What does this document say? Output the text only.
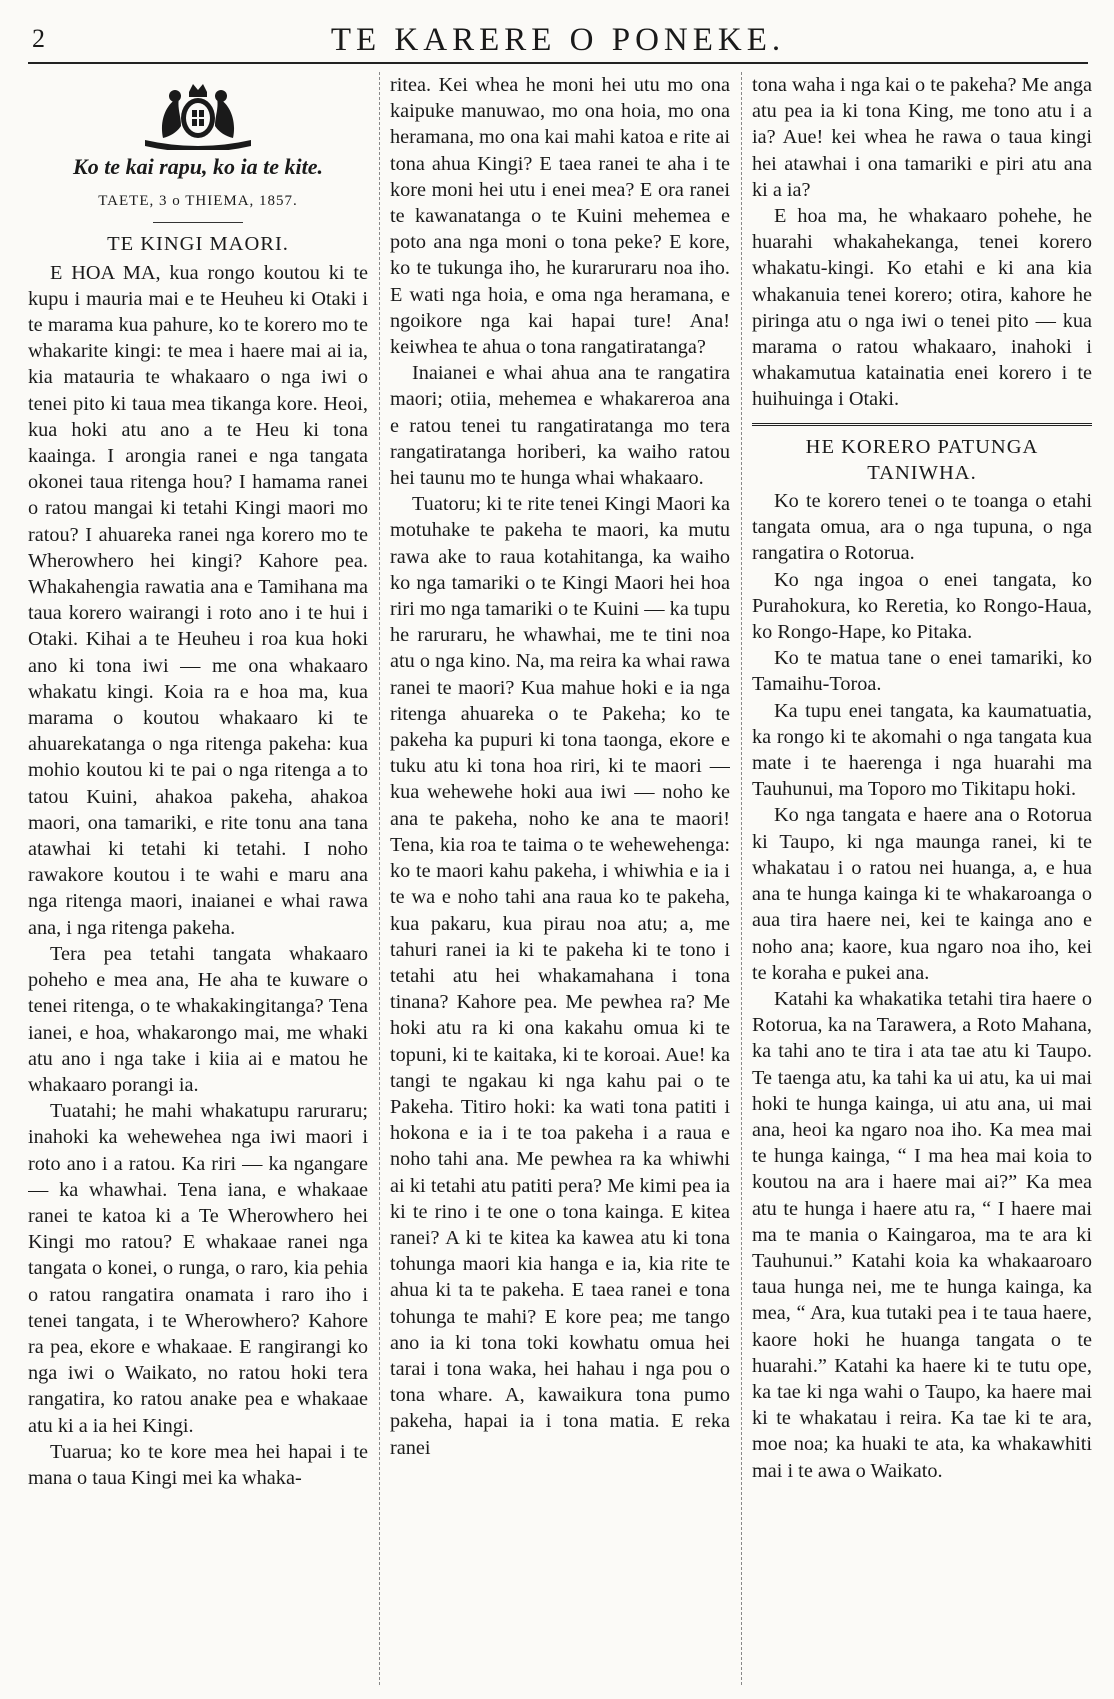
2	TE KARERE O PONEKE.
Ko te kai rapu, ko ia te kite.
TAETE, 3 o THIEMA, 1857.
TE KINGI MAORI.

E HOA MA, kua rongo koutou ki te kupu i mauria mai e te Heuheu ki Otaki i te marama kua pahure, ko te korero mo te whakarite kingi: te mea i haere mai ai ia, kia matauria te whakaaro o nga iwi o tenei pito ki taua mea tikanga kore. Heoi, kua hoki atu ano a te Heu ki tona kaainga. I arongia ranei e nga tangata okonei taua ritenga hou? I hamama ranei o ratou mangai ki tetahi Kingi maori mo ratou? I ahuareka ranei nga korero mo te Wherowhero hei kingi? Kahore pea. Whakahengia rawatia ana e Tamihana ma taua korero wairangi i roto ano i te hui i Otaki. Kihai a te Heuheu i roa kua hoki ano ki tona iwi — me ona whakaaro whakatu kingi. Koia ra e hoa ma, kua marama o koutou whakaaro ki te ahuarekatanga o nga ritenga pakeha: kua mohio koutou ki te pai o nga ritenga a to tatou Kuini, ahakoa pakeha, ahakoa maori, ona tamariki, e rite tonu ana tana atawhai ki tetahi ki tetahi. I noho rawakore koutou i te wahi e maru ana nga ritenga maori, inaianei e whai rawa ana, i nga ritenga pakeha.

Tera pea tetahi tangata whakaaro poheho e mea ana, He aha te kuware o tenei ritenga, o te whakakingitanga? Tena ianei, e hoa, whakarongo mai, me whaki atu ano i nga take i kiia ai e matou he whakaaro porangi ia.

Tuatahi; he mahi whakatupu raruraru; inahoki ka wehewehea nga iwi maori i roto ano i a ratou. Ka riri — ka ngangare — ka whawhai. Tena iana, e whakaae ranei te katoa ki a Te Wherowhero hei Kingi mo ratou? E whakaae ranei nga tangata o konei, o runga, o raro, kia pehia o ratou rangatira onamata i raro iho i tenei tangata, i te Wherowhero? Kahore ra pea, ekore e whakaae. E rangirangi ko nga iwi o Waikato, no ratou hoki tera rangatira, ko ratou anake pea e whakaae atu ki a ia hei Kingi.

Tuarua; ko te kore mea hei hapai i te mana o taua Kingi mei ka whaka-

ritea. Kei whea he moni hei utu mo ona kaipuke manuwao, mo ona hoia, mo ona heramana, mo ona kai mahi katoa e rite ai tona ahua Kingi? E taea ranei te aha i te kore moni hei utu i enei mea? E ora ranei te kawanatanga o te Kuini mehemea e poto ana nga moni o tona peke? E kore, ko te tukunga iho, he kuraruraru noa iho. E wati nga hoia, e oma nga heramana, e ngoikore nga kai hapai ture! Ana! keiwhea te ahua o tona rangatiratanga?

Inaianei e whai ahua ana te rangatira maori; otiia, mehemea e whakareroa ana e ratou tenei tu rangatiratanga mo tera rangatiratanga horiberi, ka waiho ratou hei taunu mo te hunga whai whakaaro.

Tuatoru; ki te rite tenei Kingi Maori ka motuhake te pakeha te maori, ka mutu rawa ake to raua kotahitanga, ka waiho ko nga tamariki o te Kingi Maori hei hoa riri mo nga tamariki o te Kuini — ka tupu he raruraru, he whawhai, me te tini noa atu o nga kino. Na, ma reira ka whai rawa ranei te maori? Kua mahue hoki e ia nga ritenga ahuareka o te Pakeha; ko te pakeha ka pupuri ki tona taonga, ekore e tuku atu ki tona hoa riri, ki te maori — kua wehewehe hoki aua iwi — noho ke ana te pakeha, noho ke ana te maori! Tena, kia roa te taima o te wehewehenga: ko te maori kahu pakeha, i whiwhia e ia i te wa e noho tahi ana raua ko te pakeha, kua pakaru, kua pirau noa atu; a, me tahuri ranei ia ki te pakeha ki te tono i tetahi atu hei whakamahana i tona tinana? Kahore pea. Me pewhea ra? Me hoki atu ra ki ona kakahu omua ki te topuni, ki te kaitaka, ki te koroai. Aue! ka tangi te ngakau ki nga kahu pai o te Pakeha. Titiro hoki: ka wati tona patiti i hokona e ia i te toa pakeha i a raua e noho tahi ana. Me pewhea ra ka whiwhi ai ki tetahi atu patiti pera? Me kimi pea ia ki te rino i te one o tona kainga. E kitea ranei? A ki te kitea ka kawea atu ki tona tohunga maori kia hanga e ia, kia rite te ahua ki ta te pakeha. E taea ranei e tona tohunga te mahi? E kore pea; me tango ano ia ki tona toki kowhatu omua hei tarai i tona waka, hei hahau i nga pou o tona whare. A, kawaikura tona pumo pakeha, hapai ia i tona matia. E reka ranei

tona waha i nga kai o te pakeha? Me anga atu pea ia ki tona King, me tono atu i a ia? Aue! kei whea he rawa o taua kingi hei atawhai i ona tamariki e piri atu ana ki a ia?

E hoa ma, he whakaaro pohehe, he huarahi whakahekanga, tenei korero whakatu-kingi. Ko etahi e ki ana kia whakanuia tenei korero; otira, kahore he piringa atu o nga iwi o tenei pito — kua marama o ratou whakaaro, inahoki i whakamutua katainatia enei korero i te huihuinga i Otaki.

HE KORERO PATUNGA TANIWHA.

Ko te korero tenei o te toanga o etahi tangata omua, ara o nga tupuna, o nga rangatira o Rotorua.

Ko nga ingoa o enei tangata, ko Purahokura, ko Reretia, ko Rongo-Haua, ko Rongo-Hape, ko Pitaka.

Ko te matua tane o enei tamariki, ko Tamaihu-Toroa.

Ka tupu enei tangata, ka kaumatuatia, ka rongo ki te akomahi o nga tangata kua mate i te haerenga i nga huarahi ma Tauhunui, ma Toporo mo Tikitapu hoki.

Ko nga tangata e haere ana o Rotorua ki Taupo, ki nga maunga ranei, ki te whakatau i o ratou nei huanga, a, e hua ana te hunga kainga ki te whakaroanga o aua tira haere nei, kei te kainga ano e noho ana; kaore, kua ngaro noa iho, kei te koraha e pukei ana.

Katahi ka whakatika tetahi tira haere o Rotorua, ka na Tarawera, a Roto Mahana, ka tahi ano te tira i ata tae atu ki Taupo. Te taenga atu, ka tahi ka ui atu, ka ui mai hoki te hunga kainga, ui atu ana, ui mai ana, heoi ka ngaro noa iho. Ka mea mai te hunga kainga, “ I ma hea mai koia to koutou na ara i haere mai ai?” Ka mea atu te hunga i haere atu ra, “ I haere mai ma te mania o Kaingaroa, ma te ara ki Tauhunui.” Katahi koia ka whakaaroaro taua hunga nei, me te hunga kainga, ka mea, “ Ara, kua tutaki pea i te taua haere, kaore hoki he huanga tangata o te huarahi.” Katahi ka haere ki te tutu ope, ka tae ki nga wahi o Taupo, ka haere mai ki te whakatau i reira. Ka tae ki te ara, moe noa; ka huaki te ata, ka whakawhiti mai i te awa o Waikato.
